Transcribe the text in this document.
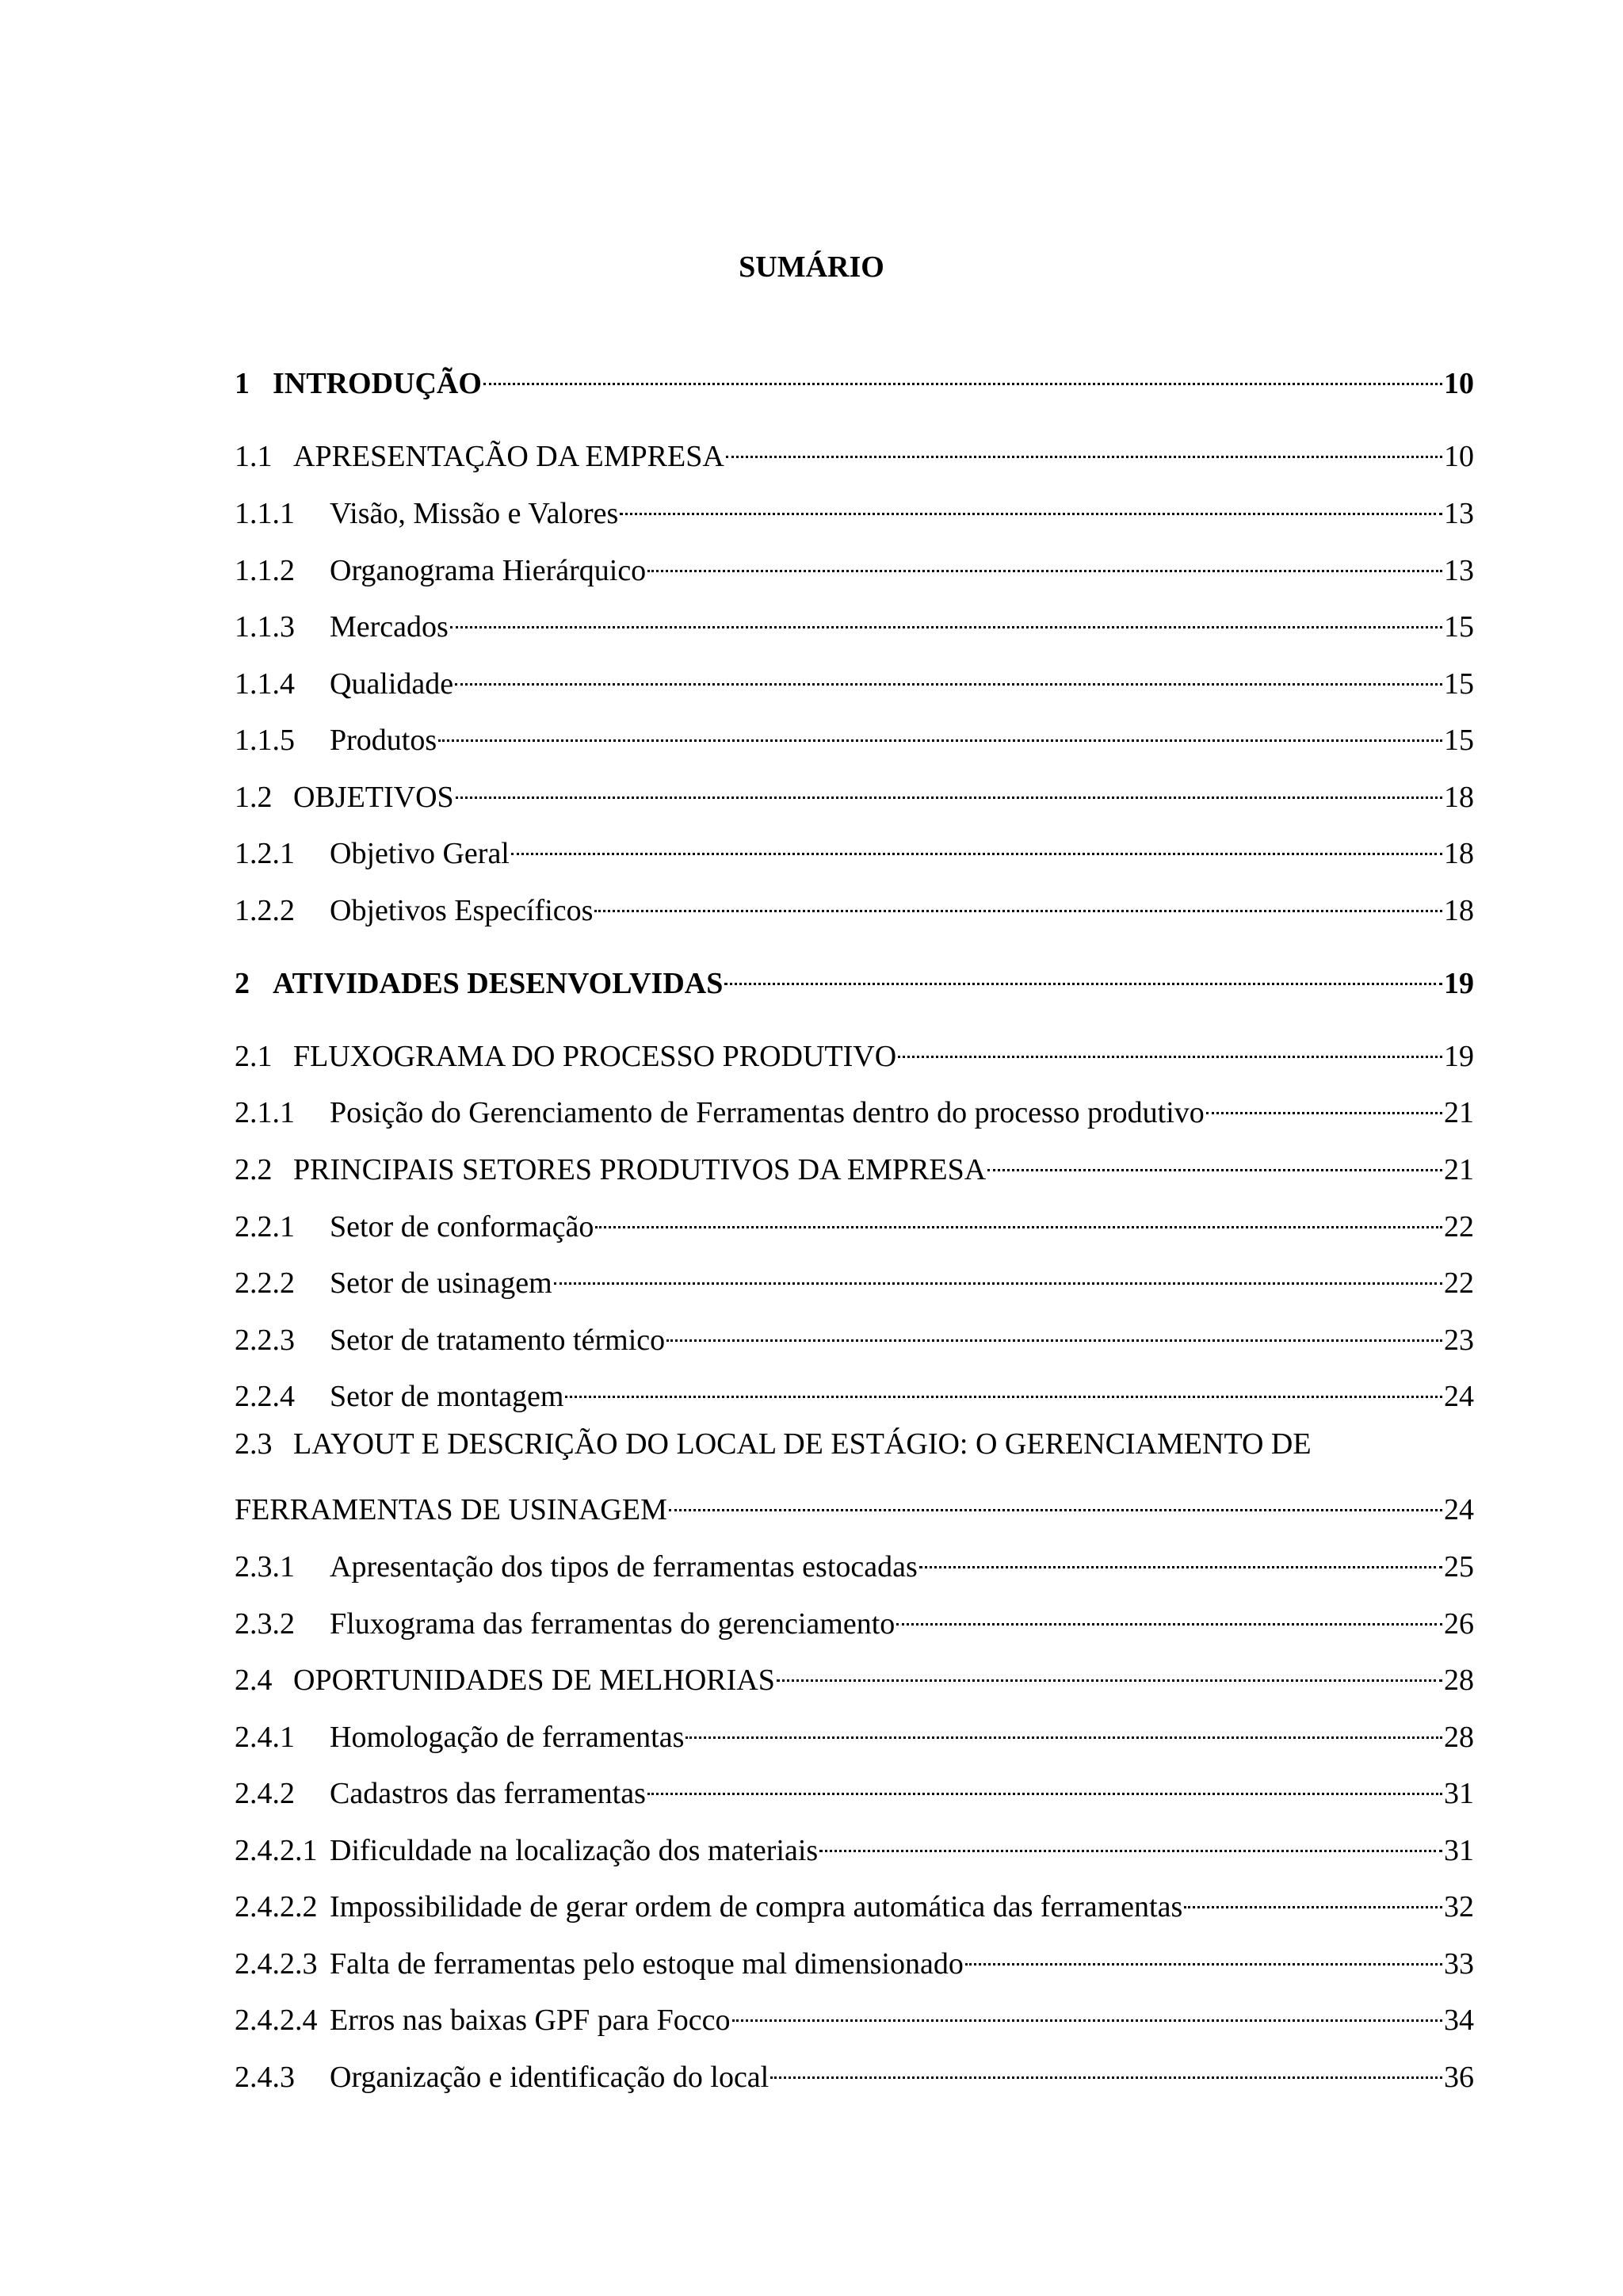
SUMÁRIO
1 INTRODUÇÃO	10
1.1 APRESENTAÇÃO DA EMPRESA	10
1.1.1	Visão, Missão e Valores	13
1.1.2	Organograma Hierárquico	13
1.1.3	Mercados	15
1.1.4	Qualidade	15
1.1.5	Produtos	15
1.2 OBJETIVOS	18
1.2.1	Objetivo Geral	18
1.2.2	Objetivos Específicos	18
2 ATIVIDADES DESENVOLVIDAS	19
2.1 FLUXOGRAMA DO PROCESSO PRODUTIVO	19
2.1.1	Posição do Gerenciamento de Ferramentas dentro do processo produtivo	21
2.2 PRINCIPAIS SETORES PRODUTIVOS DA EMPRESA	21
2.2.1	Setor de conformação	22
2.2.2	Setor de usinagem	22
2.2.3	Setor de tratamento térmico	23
2.2.4	Setor de montagem	24
2.3 LAYOUT E DESCRIÇÃO DO LOCAL DE ESTÁGIO: O GERENCIAMENTO DE
FERRAMENTAS DE USINAGEM	24
2.3.1	Apresentação dos tipos de ferramentas estocadas	25
2.3.2	Fluxograma das ferramentas do gerenciamento	26
2.4 OPORTUNIDADES DE MELHORIAS	28
2.4.1	Homologação de ferramentas	28
2.4.2	Cadastros das ferramentas	31
2.4.2.1 Dificuldade na localização dos materiais	31
2.4.2.2 Impossibilidade de gerar ordem de compra automática das ferramentas	32
2.4.2.3 Falta de ferramentas pelo estoque mal dimensionado	33
2.4.2.4 Erros nas baixas GPF para Focco	34
2.4.3	Organização e identificação do local	36
